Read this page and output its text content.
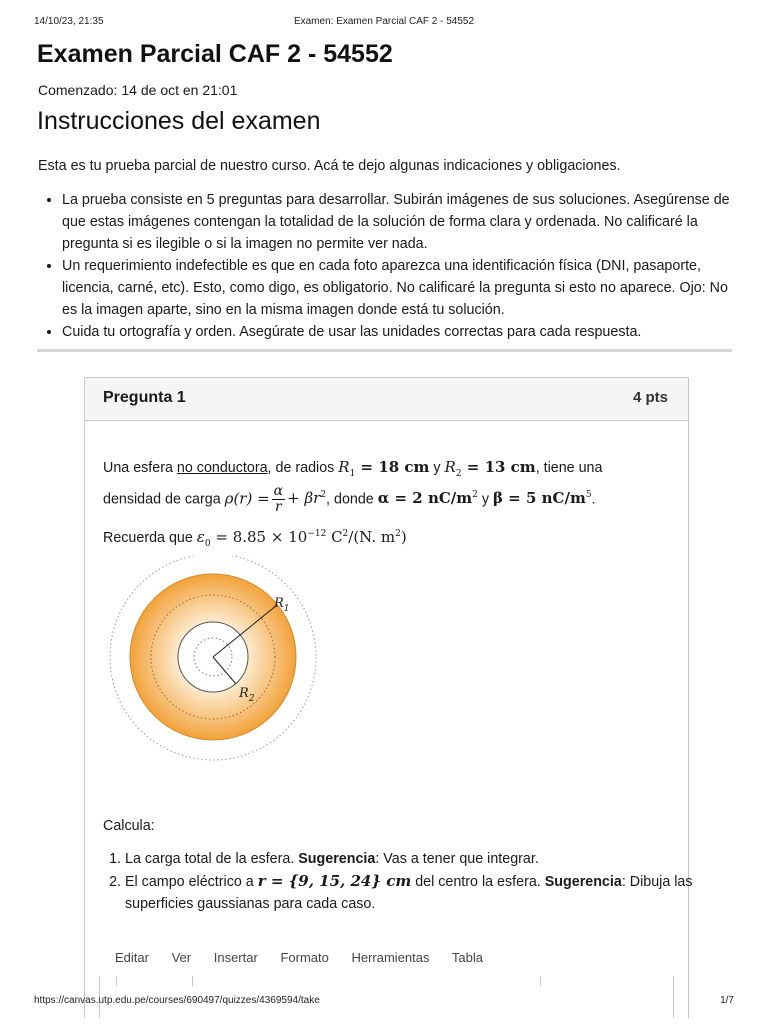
14/10/23, 21:35	Examen: Examen Parcial CAF 2 - 54552
Examen Parcial CAF 2 - 54552
Comenzado: 14 de oct en 21:01
Instrucciones del examen
Esta es tu prueba parcial de nuestro curso. Acá te dejo algunas indicaciones y obligaciones.
• La prueba consiste en 5 preguntas para desarrollar. Subirán imágenes de sus soluciones. Asegúrense de que estas imágenes contengan la totalidad de la solución de forma clara y ordenada. No calificaré la pregunta si es ilegible o si la imagen no permite ver nada.
• Un requerimiento indefectible es que en cada foto aparezca una identificación física (DNI, pasaporte, licencia, carné, etc). Esto, como digo, es obligatorio. No calificaré la pregunta si esto no aparece. Ojo: No es la imagen aparte, sino en la misma imagen donde está tu solución.
• Cuida tu ortografía y orden. Asegúrate de usar las unidades correctas para cada respuesta.
Pregunta 1	4 pts
Una esfera no conductora, de radios $R_1 = 18$ cm y $R_2 = 13$ cm, tiene una
densidad de carga $\rho(r) = \frac{\alpha}{r} + \beta r^2$, donde α = 2 $nC/m^2$ y β = 5 $nC/m^5$.
Recuerda que $\varepsilon_0 = 8.85 \times 10^{-12}$ $C^2/(N$. $m^2$)
$R_1$
$R_2$
Calcula:
1. La carga total de la esfera. Sugerencia: Vas a tener que integrar.
2. El campo eléctrico a r = {9, 15, 24} cm del centro la esfera. Sugerencia: Dibuja las superficies gaussianas para cada caso.
Editar Ver Insertar Formato Herramientas Tabla
https://canvas.utp.edu.pe/courses/690497/quizzes/4369594/take	1/7
